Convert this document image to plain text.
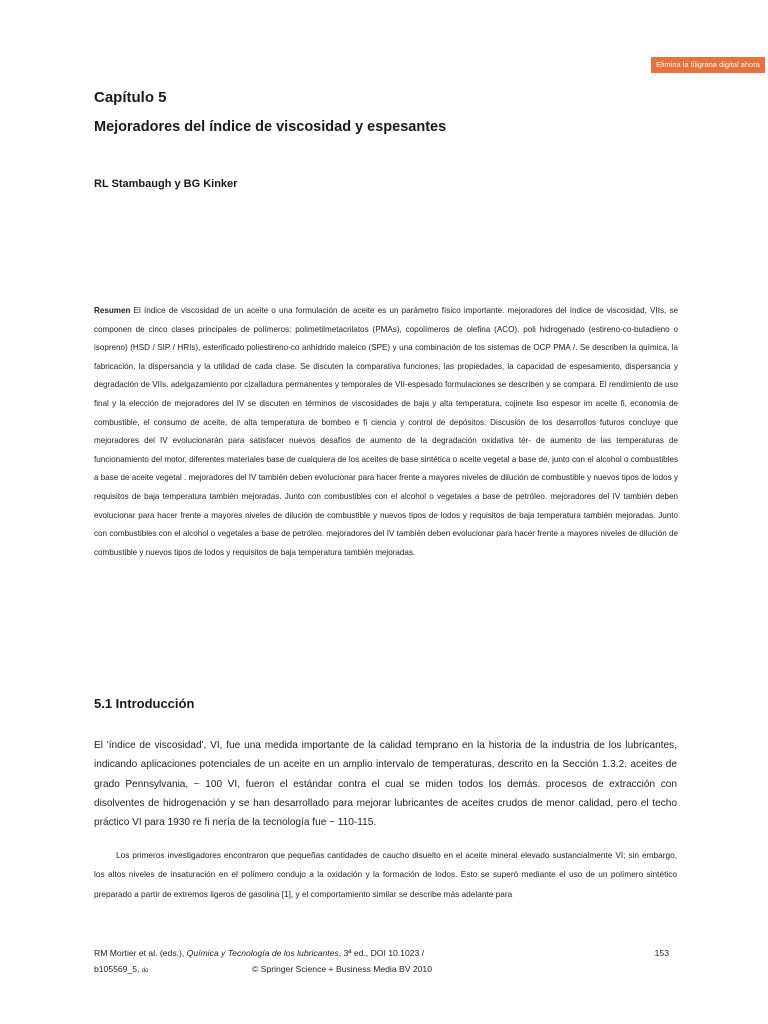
Elimina la filigrana digital ahora
Capítulo 5
Mejoradores del índice de viscosidad y espesantes

RL Stambaugh y BG Kinker

Resumen El índice de viscosidad de un aceite o una formulación de aceite es un parámetro físico importante. mejoradores del índice de viscosidad, VIIs, se componen de cinco clases principales de polímeros: polimetilmetacrilatos (PMAs), copolímeros de olefina (ACO), poli hidrogenado (estireno-co-butadieno o isopreno) (HSD / SIP / HRIs), esterificado poliestireno-co anhídrido maleico (SPE) y una combinación de los sistemas de OCP PMA /. Se describen la química, la fabricación, la dispersancia y la utilidad de cada clase. Se discuten la comparativa funciones, las propiedades, la capacidad de espesamiento, dispersancia y degradación de VIIs. adelgazamiento por cizalladura permanentes y temporales de VII-espesado formulaciones se describen y se compara. El rendimiento de uso final y la elección de mejoradores del IV se discuten en términos de viscosidades de baja y alta temperatura, cojinete liso espesor im aceite fi, economía de combustible, el consumo de aceite, de alta temperatura de bombeo e fi ciencia y control de depósitos. Discusión de los desarrollos futuros concluye que mejoradores del IV evolucionarán para satisfacer nuevos desafíos de aumento de la degradación oxidativa tér- de aumento de las temperaturas de funcionamiento del motor, diferentes materiales base de cualquiera de los aceites de base sintética o aceite vegetal a base de, junto con el alcohol o combustibles a base de aceite vegetal . mejoradores del IV también deben evolucionar para hacer frente a mayores niveles de dilución de combustible y nuevos tipos de lodos y requisitos de baja temperatura también mejoradas. Junto con combustibles con el alcohol o vegetales a base de petróleo. mejoradores del IV también deben evolucionar para hacer frente a mayores niveles de dilución de combustible y nuevos tipos de lodos y requisitos de baja temperatura también mejoradas. Junto con combustibles con el alcohol o vegetales a base de petróleo. mejoradores del IV también deben evolucionar para hacer frente a mayores niveles de dilución de combustible y nuevos tipos de lodos y requisitos de baja temperatura también mejoradas.

5.1 Introducción

El 'índice de viscosidad', VI, fue una medida importante de la calidad temprano en la historia de la industria de los lubricantes, indicando aplicaciones potenciales de un aceite en un amplio intervalo de temperaturas, descrito en la Sección 1.3.2. aceites de grado Pennsylvania, ~ 100 VI, fueron el estándar contra el cual se miden todos los demás. procesos de extracción con disolventes de hidrogenación y se han desarrollado para mejorar lubricantes de aceites crudos de menor calidad, pero el techo práctico VI para 1930 re fi nería de la tecnología fue ~ 110-115.

Los primeros investigadores encontraron que pequeñas cantidades de caucho disuelto en el aceite mineral elevado sustancialmente VI; sin embargo, los altos niveles de insaturación en el polímero condujo a la oxidación y la formación de lodos. Esto se superó mediante el uso de un polímero sintético preparado a partir de extremos ligeros de gasolina [1], y el comportamiento similar se describe más adelante para

RM Mortier et al. (eds.), Química y Tecnología de los lubricantes, 3ª ed., DOI 10.1023 /	153
b105569_5, do	© Springer Science + Business Media BV 2010
